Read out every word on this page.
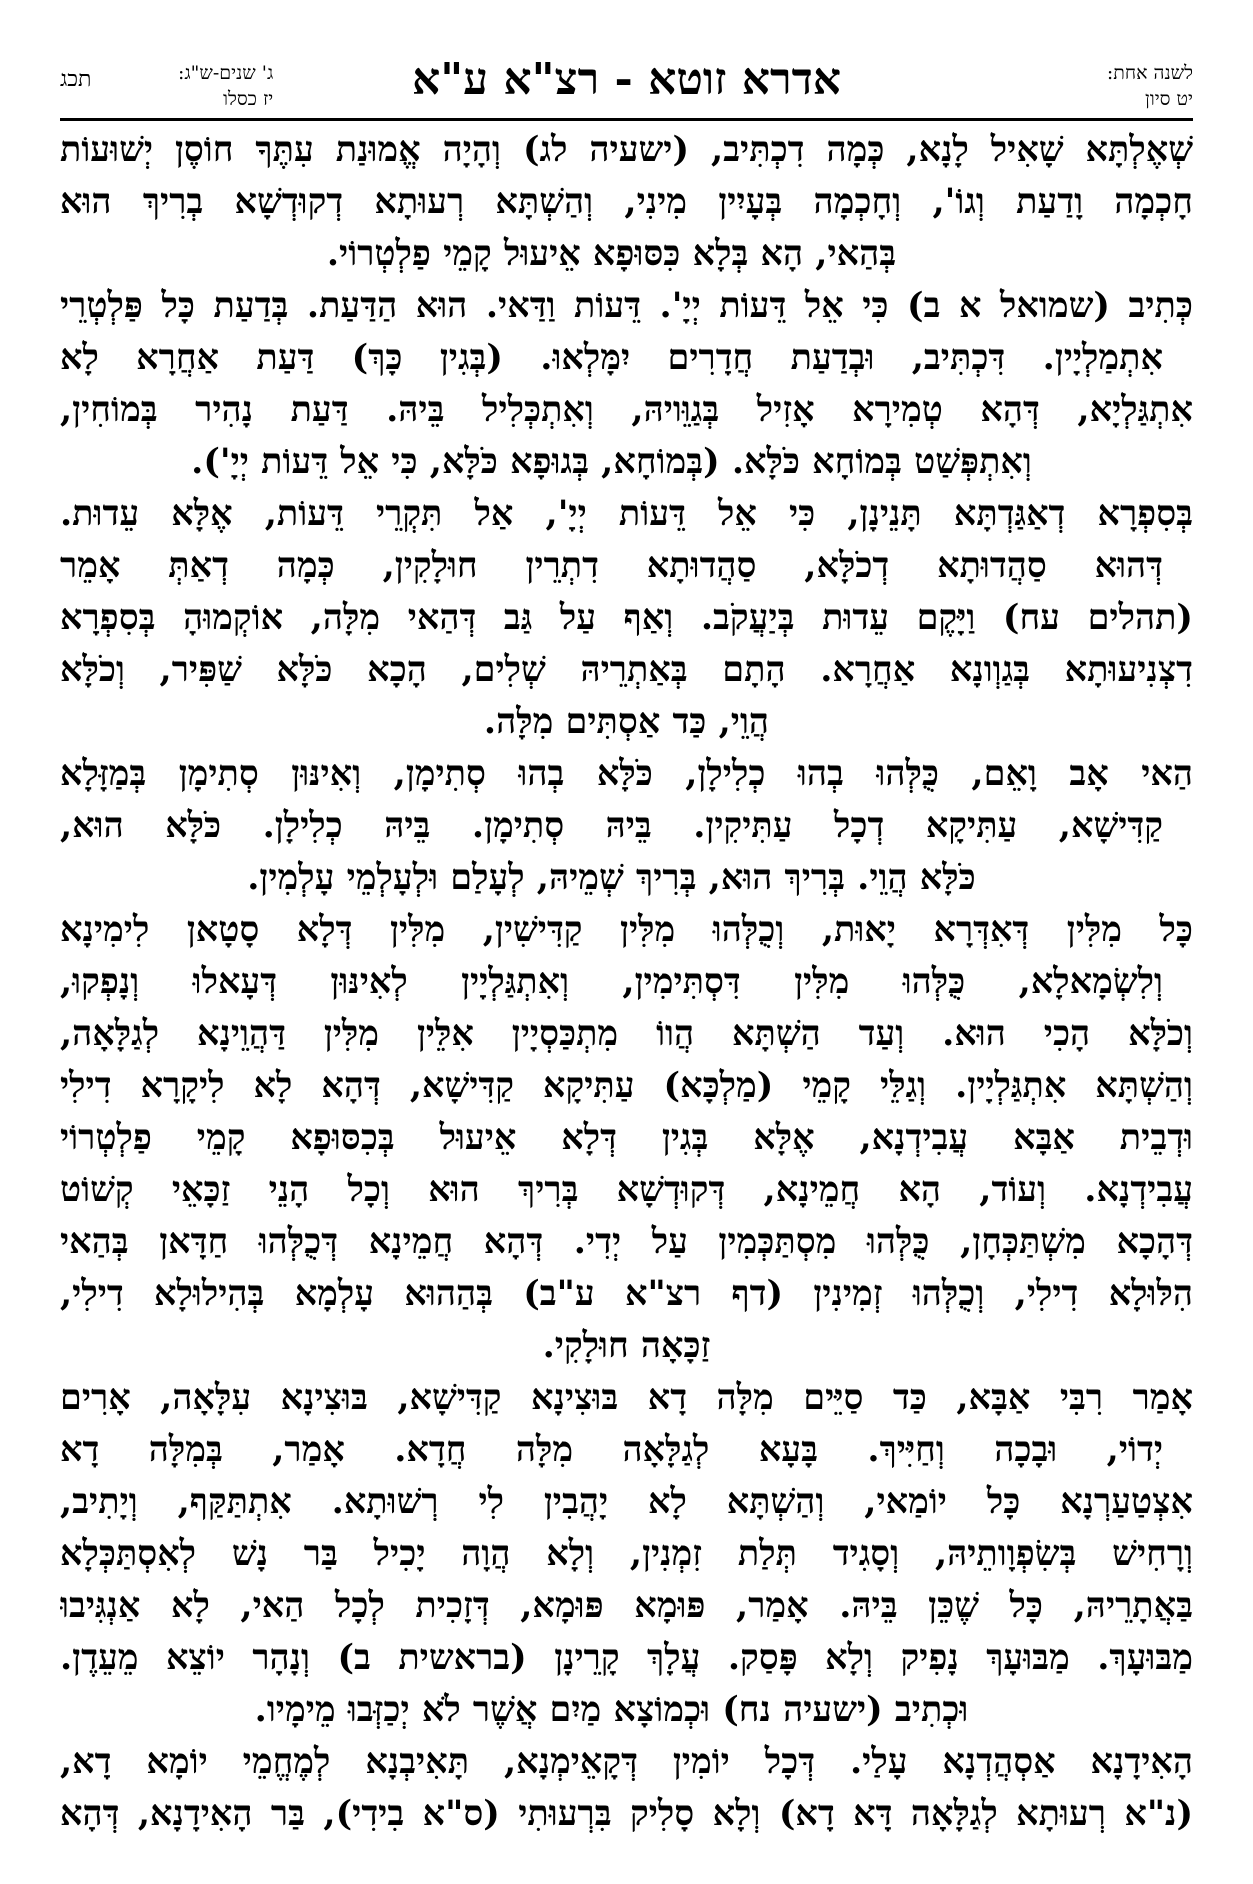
לשנה אחת:
יט סיון
אדרא זוטא - רצ"א ע"א
ג' שנים-ש"ג:
יז כסלו
תכג
שְׁאֶלְתָּא שָׁאִיל לָנָא, כְּמָה דִכְתִּיב, (ישעיה לג) וְהָיָה אֱמוּנַת עִתֶּךָ חוֹסֶן יְשׁוּעוֹת
חָכְמָה וָדַעַת וְגוֹ', וְחָכְמָה בְּעָיִין מִינִי, וְהַשְׁתָּא רְעוּתָא דְקוּדְשָׁא בְרִיךְ הוּא
בְּהַאי, הָא בְּלָא כִּסּוּפָא אֵיעוּל קָמֵי פַלְטְרוֹי.
כְּתִיב (שמואל א ב) כִּי אֵל דֵּעוֹת יְיָ'. דֵּעוֹת וַדַּאי. הוּא הַדַּעַת. בְּדַעַת כָּל פַּלְטְרֵי
אִתְמַלְיָין. דִּכְתִּיב, וּבְדַעַת חֲדָרִים יִמָּלְאוּ. (בְּגִין כָּךְ) דַּעַת אַחֲרָא לָא
אִתְגַּלְיָא, דְּהָא טְמִירָא אָזִיל בְּגַוֵּויהּ, וְאִתְכְּלִיל בֵּיהּ. דַּעַת נָהִיר בְּמוֹחִין,
וְאִתְפְּשַׁט בְּמוֹחָא כֹּלָּא. (בְּמוֹחָא, בְּגוּפָא כֹּלָּא, כִּי אֵל דֵּעוֹת יְיָ').
בְּסִפְרָא דְאַגַּדְתָּא תָּנֵינָן, כִּי אֵל דֵּעוֹת יְיָ', אַל תִּקְרֵי דֵּעוֹת, אֶלָּא עֵדוּת.
דְּהוּא סַהֲדוּתָא דְכֹלָּא, סַהֲדוּתָא דִתְרֵין חוּלָקִין, כְּמָה דְאַתְּ אָמֵר
(תהלים עח) וַיָּקֶם עֵדוּת בְּיַעֲקֹב. וְאַף עַל גַּב דְּהַאי מִלָּה, אוֹקְמוּהָ בְּסִפְרָא
דִצְנִיעוּתָא בְּגַוְונָא אַחֲרָא. הָתָם בְּאַתְרֵיהּ שְׁלִים, הָכָא כֹּלָּא שַׁפִּיר, וְכֹלָּא
הֲוֵי, כַּד אַסְתִּים מִלָּה.
הַאי אָב וָאֵם, כֻּלְּהוּ בְהוּ כְלִילָן, כֹּלָּא בְהוּ סְתִימָן, וְאִינּוּן סְתִימָן בְּמַזָּלָא
קַדִּישָׁא, עַתִּיקָא דְכָל עַתִּיקִין. בֵּיהּ סְתִימָן. בֵּיהּ כְלִילָן. כֹּלָּא הוּא,
כֹּלָּא הֲוֵי. בְּרִיךְ הוּא, בְּרִיךְ שְׁמֵיהּ, לְעָלַם וּלְעָלְמֵי עָלְמִין.
כָּל מִלִּין דְּאִדְּרָא יָאוּת, וְכֻלְּהוּ מִלִּין קַדִּישִׁין, מִלִּין דְּלָא סָטָאן לִימִינָא
וְלִשְׂמָאלָא, כֻּלְּהוּ מִלִּין דִּסְתִּימִין, וְאִתְגַּלְיָין לְאִינּוּן דְּעָאלוּ וְנָפְקוּ,
וְכֹלָּא הָכִי הוּא. וְעַד הַשְׁתָּא הֲווֹ מִתְכַּסְיָין אִלֵּין מִלִּין דַּהֲוֵינָא לְגַלָּאָה,
וְהַשְׁתָּא אִתְגַּלְיָין. וְגַלֵּי קָמֵי (מַלְכָּא) עַתִּיקָא קַדִּישָׁא, דְּהָא לָא לִיקָרָא דִילִי
וּדְבֵית אַבָּא עֲבִידְנָא, אֶלָּא בְּגִין דְּלָא אֵיעוּל בְּכִסּוּפָא קָמֵי פַלְטְרוֹי
עֲבִידְנָא. וְעוֹד, הָא חֲמֵינָא, דְּקוּדְשָׁא בְּרִיךְ הוּא וְכָל הָנֵי זַכָּאֵי קְשׁוֹט
דְּהָכָא מִשְׁתַּכְּחָן, כֻּלְּהוּ מִסְתַּכְּמִין עַל יְדִי. דְּהָא חֲמֵינָא דְּכֻלְּהוּ חַדָּאן בְּהַאי
הִלּוּלָא דִילִי, וְכֻלְּהוּ זְמִינִין (דף רצ"א ע"ב) בְּהַהוּא עָלְמָא בְּהִילוּלָא דִילִי,
זַכָּאָה חוּלָקִי.
אָמַר רִבִּי אַבָּא, כַּד סַיֵּים מִלָּה דָא בּוּצִינָא קַדִּישָׁא, בּוּצִינָא עִלָּאָה, אָרִים
יְדוֹי, וּבָכָה וְחַיִּיךְ. בָּעָא לְגַלָּאָה מִלָּה חֲדָא. אָמַר, בְּמִלָּה דָא
אִצְטַעַרְנָא כָּל יוֹמַאי, וְהַשְׁתָּא לָא יָהֲבִין לִי רְשׁוּתָא. אִתְתַּקַּף, וְיָתִיב,
וְרָחִישׁ בְּשִׂפְוָותֵיהּ, וְסָגִיד תְּלַת זִמְנִין, וְלָא הֲוָה יָכִיל בַּר נָשׁ לְאִסְתַּכְּלָא
בַּאֲתָרֵיהּ, כָּל שֶׁכֵּן בֵּיהּ. אָמַר, פּוּמָא פּוּמָא, דְּזָכִית לְכָל הַאי, לָא אַנְגִּיבוּ
מַבּוּעָךְ. מַבּוּעָךְ נָפִיק וְלָא פָּסַק. עֲלָךְ קָרֵינָן (בראשית ב) וְנָהָר יוֹצֵא מֵעֵדֶן.
וּכְתִיב (ישעיה נח) וּכְמוֹצָא מַיִם אֲשֶׁר לֹא יְכַזְּבוּ מֵימָיו.
הָאִידָנָא אַסְהֲדְנָא עָלַי. דְּכָל יוֹמִין דְּקָאֵימְנָא, תָּאִיבְנָא לְמֶחֱמֵי יוֹמָא דָא,
(נ"א רְעוּתָא לְגַלָּאָה דָּא דָא) וְלָא סָלִיק בִּרְעוּתִי (ס"א בִידִי), בַּר הָאִידָנָא, דְּהָא
